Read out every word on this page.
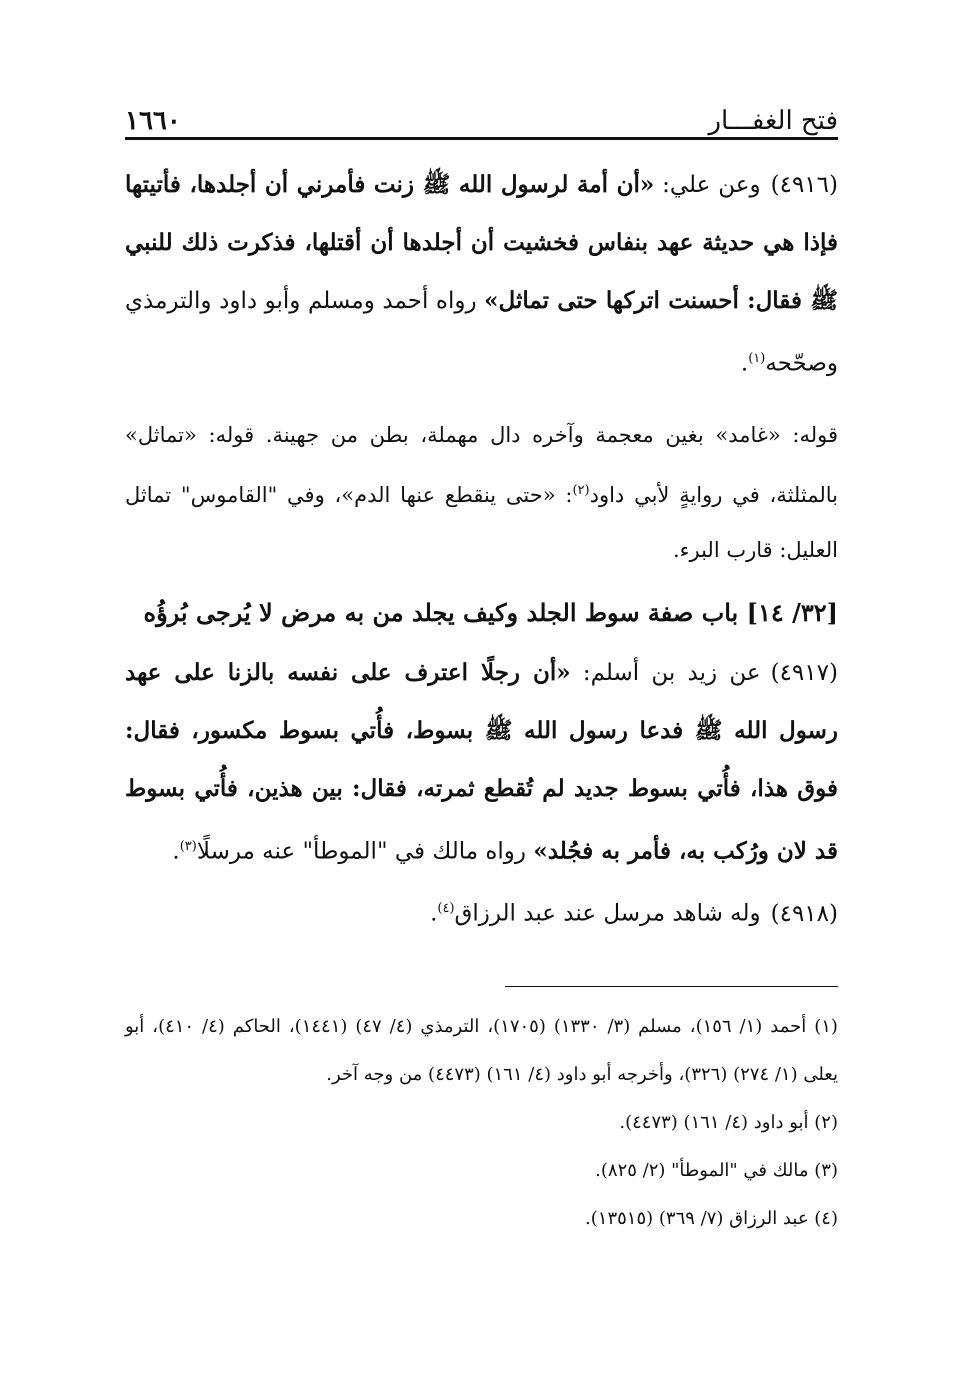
١٦٦٠	فتح الغفـــار

(٤٩١٦)وعن علي: «أن أمة لرسول الله ﷺ زنت فأمرني أن أجلدها، فأتيتها فإذا هي حديثة عهد بنفاس فخشيت أن أجلدها أن أقتلها، فذكرت ذلك للنبي ﷺ فقال: أحسنت اتركها حتى تماثل» رواه أحمد ومسلم وأبو داود والترمذي وصحّحه$^{(١)}$.

قوله: «غامد» بغين معجمة وآخره دال مهملة، بطن من جهينة. قوله: «تماثل» بالمثلثة، في روايةٍ لأبي داود$^{(٢)}$: «حتى ينقطع عنها الدم»، وفي "القاموس" تماثل العليل: قارب البرء.

[٣٢/ ١٤] باب صفة سوط الجلد وكيف يجلد من به مرض لا يُرجى بُرؤُه

(٤٩١٧)عن زيد بن أسلم: «أن رجلًا اعترف على نفسه بالزنا على عهد رسول الله ﷺ فدعا رسول الله ﷺ بسوط، فأُتي بسوط مكسور، فقال: فوق هذا، فأُتي بسوط جديد لم تُقطع ثمرته، فقال: بين هذين، فأُتي بسوط قد لان ورُكب به، فأمر به فجُلد» رواه مالك في "الموطأ" عنه مرسلًا$^{(٣)}$.

(٤٩١٨)وله شاهد مرسل عند عبد الرزاق$^{(٤)}$.

(١) أحمد (١/ ١٥٦)، مسلم (٣/ ١٣٣٠) (١٧٠٥)، الترمذي (٤/ ٤٧) (١٤٤١)، الحاكم (٤/ ٤١٠)، أبو يعلى (١/ ٢٧٤) (٣٢٦)، وأخرجه أبو داود (٤/ ١٦١) (٤٤٧٣) من وجه آخر.

(٢) أبو داود (٤/ ١٦١) (٤٤٧٣).

(٣) مالك في "الموطأ" (٢/ ٨٢٥).

(٤) عبد الرزاق (٧/ ٣٦٩) (١٣٥١٥).
